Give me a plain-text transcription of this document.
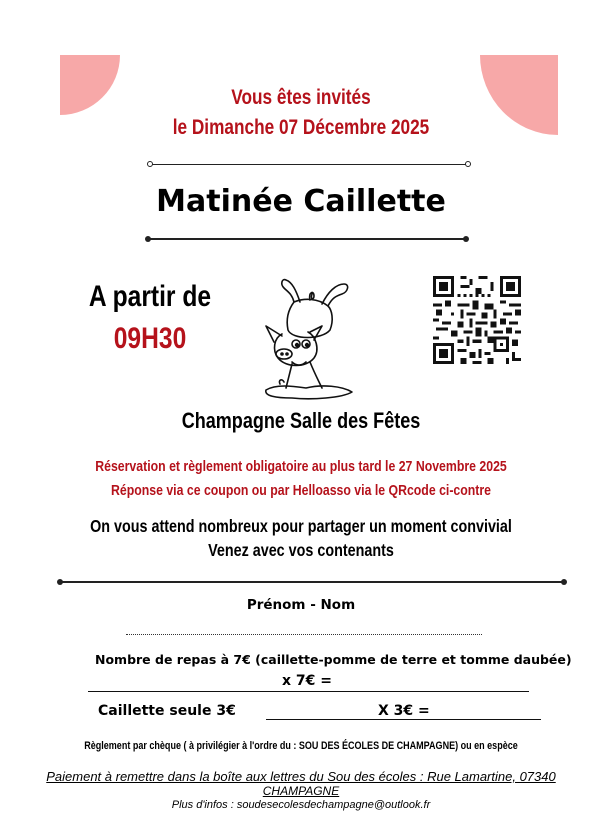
Vous êtes invités
le Dimanche 07 Décembre 2025
Matinée Caillette
A partir de
09H30
Champagne Salle des Fêtes
Réservation et règlement obligatoire au plus tard le 27 Novembre 2025
Réponse via ce coupon ou par Helloasso via le QRcode ci-contre
On vous attend nombreux pour partager un moment convivial
Venez avec vos contenants
Prénom - Nom
Nombre de repas à 7€ (caillette-pomme de terre et tomme daubée)
x 7€ =
Caillette seule 3€	X 3€ =
Règlement par chèque ( à privilégier à l'ordre du : SOU DES ÉCOLES DE CHAMPAGNE) ou en espèce
Paiement à remettre dans la boîte aux lettres du Sou des écoles : Rue Lamartine, 07340
CHAMPAGNE
Plus d'infos : soudesecolesdechampagne@outlook.fr
